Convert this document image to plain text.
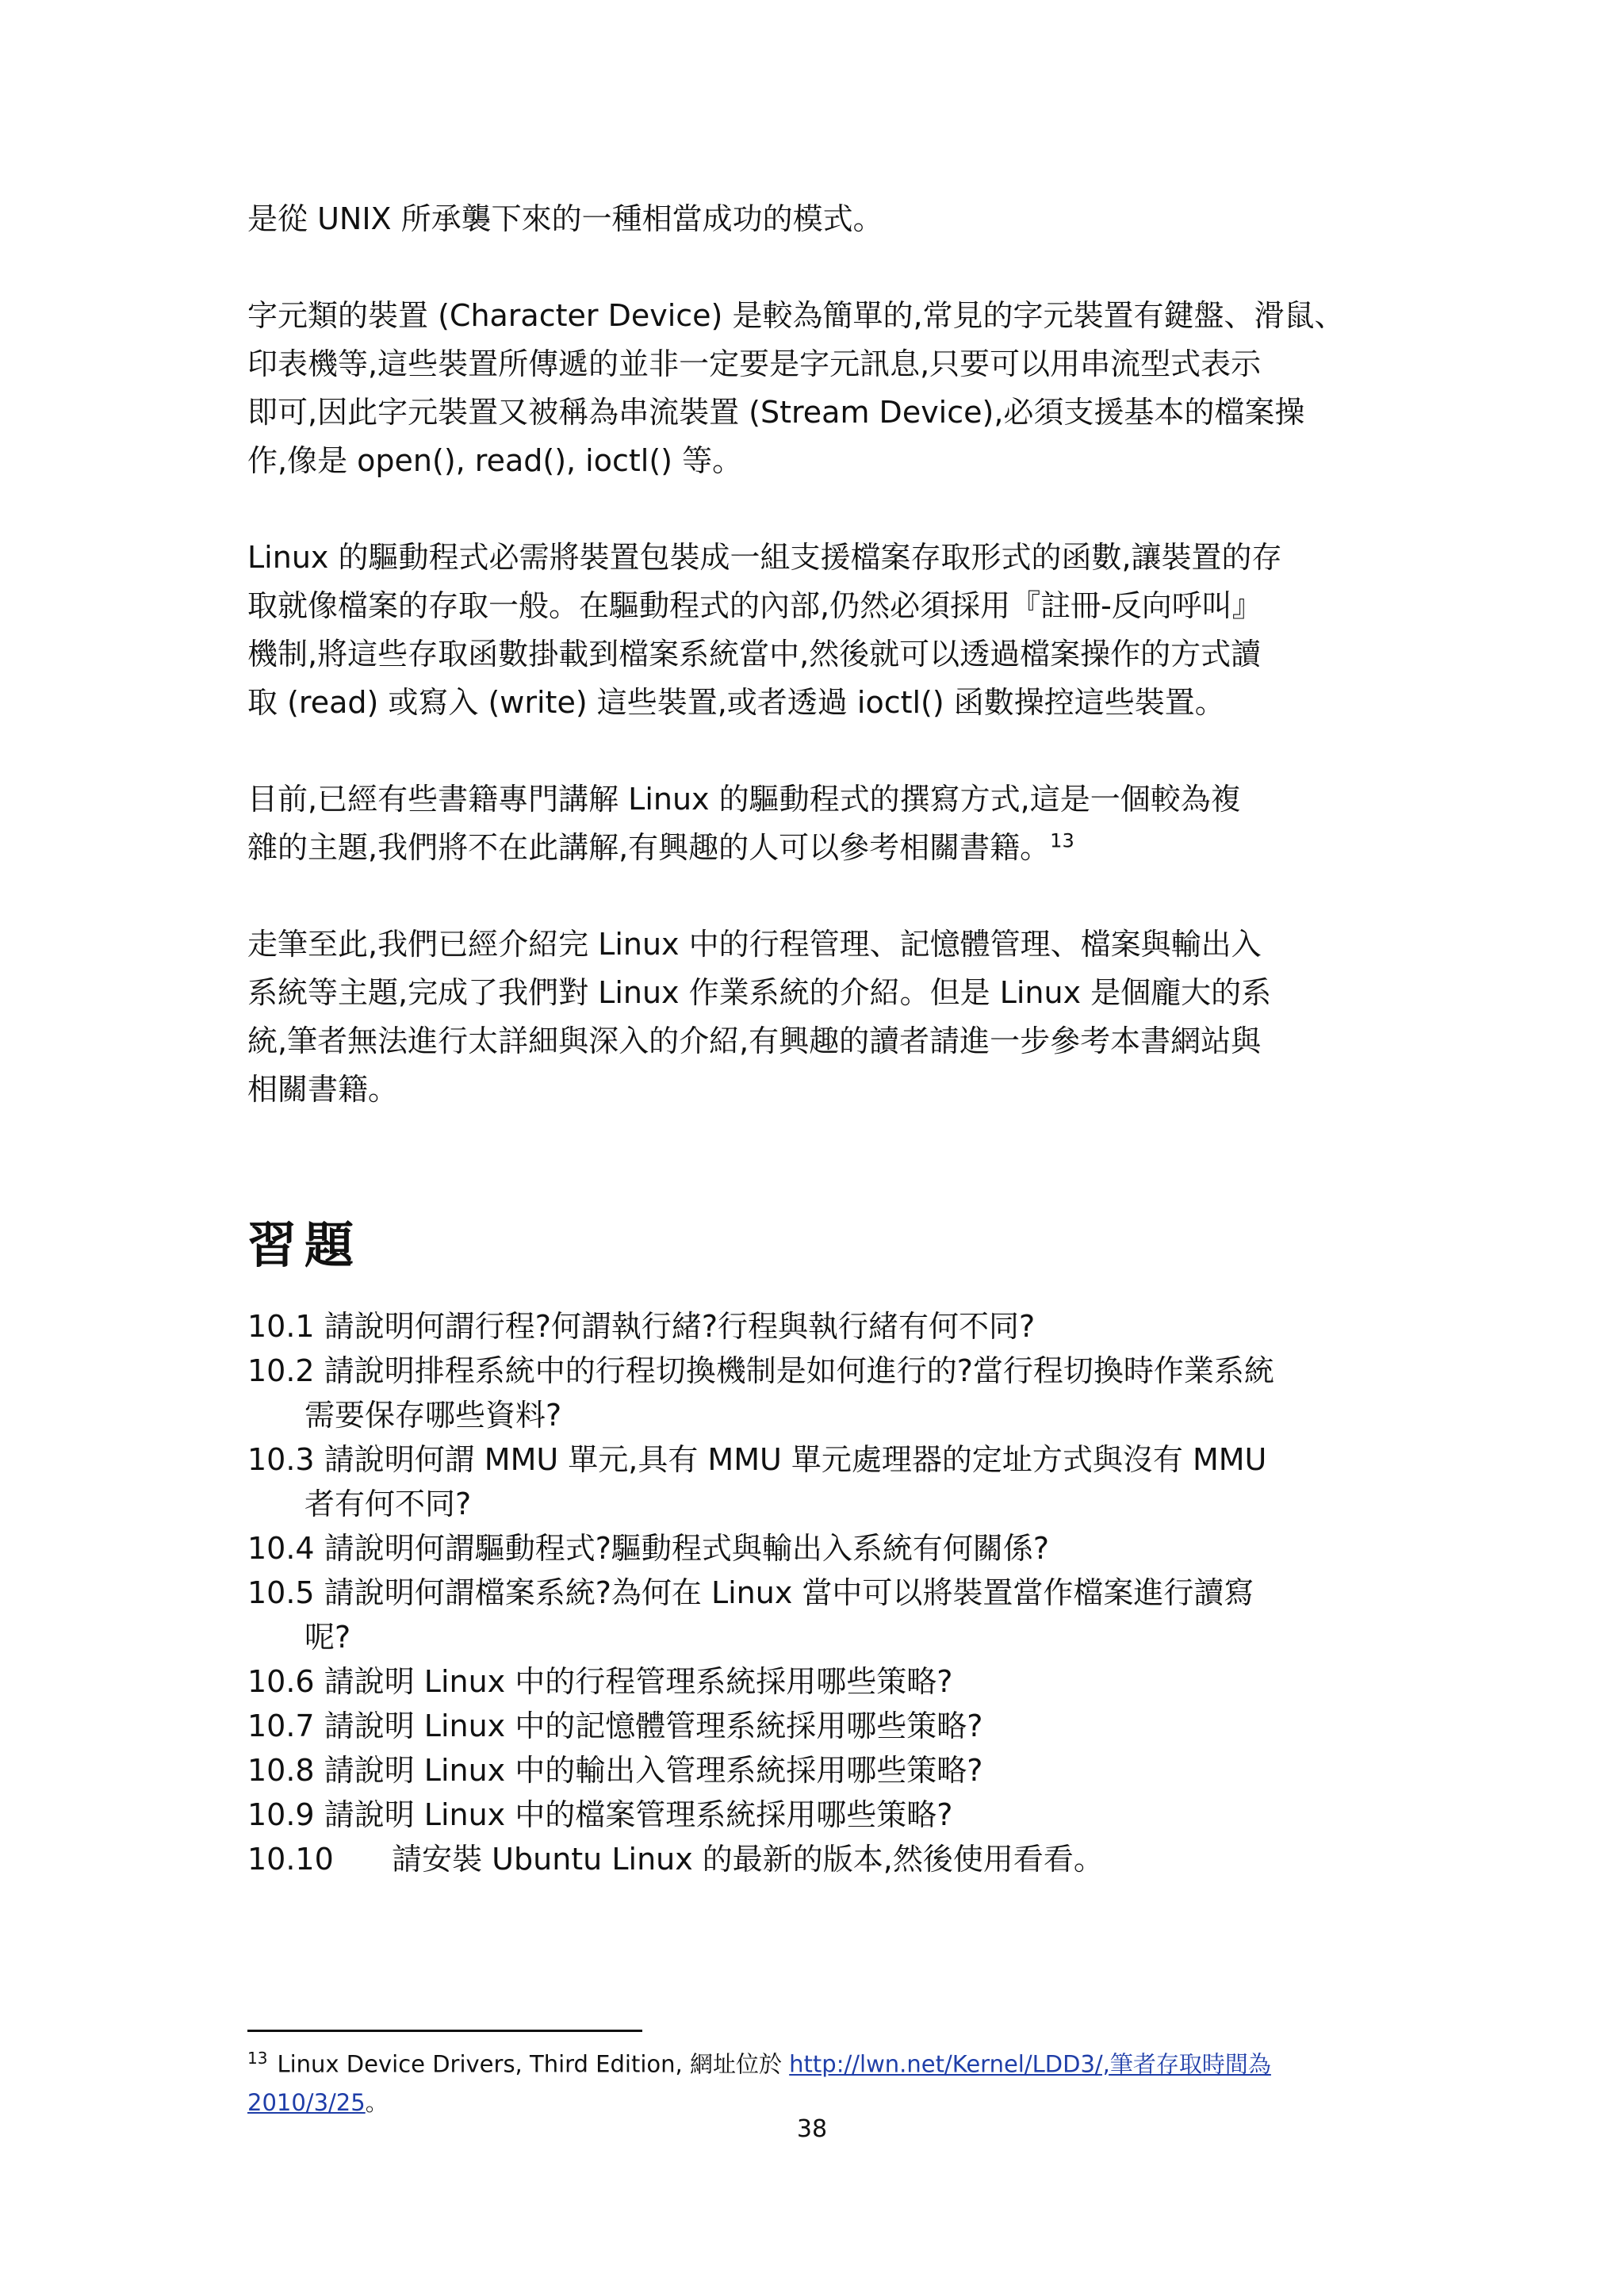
是從 UNIX 所承襲下來的一種相當成功的模式。

字元類的裝置 (Character Device) 是較為簡單的,常見的字元裝置有鍵盤、滑鼠、
印表機等,這些裝置所傳遞的並非一定要是字元訊息,只要可以用串流型式表示
即可,因此字元裝置又被稱為串流裝置 (Stream Device),必須支援基本的檔案操
作,像是 open(), read(), ioctl() 等。

Linux 的驅動程式必需將裝置包裝成一組支援檔案存取形式的函數,讓裝置的存
取就像檔案的存取一般。在驅動程式的內部,仍然必須採用『註冊-反向呼叫』
機制,將這些存取函數掛載到檔案系統當中,然後就可以透過檔案操作的方式讀
取 (read) 或寫入 (write) 這些裝置,或者透過 ioctl() 函數操控這些裝置。

目前,已經有些書籍專門講解 Linux 的驅動程式的撰寫方式,這是一個較為複
雜的主題,我們將不在此講解,有興趣的人可以參考相關書籍。$^{13}$

走筆至此,我們已經介紹完 Linux 中的行程管理、記憶體管理、檔案與輸出入
系統等主題,完成了我們對 Linux 作業系統的介紹。但是 Linux 是個龐大的系
統,筆者無法進行太詳細與深入的介紹,有興趣的讀者請進一步參考本書網站與
相關書籍。

習題
10.1 請說明何謂行程?何謂執行緒?行程與執行緒有何不同?
10.2 請說明排程系統中的行程切換機制是如何進行的?當行程切換時作業系統
需要保存哪些資料?
10.3 請說明何謂 MMU 單元,具有 MMU 單元處理器的定址方式與沒有 MMU
者有何不同?
10.4 請說明何謂驅動程式?驅動程式與輸出入系統有何關係?
10.5 請說明何謂檔案系統?為何在 Linux 當中可以將裝置當作檔案進行讀寫
呢?
10.6 請說明 Linux 中的行程管理系統採用哪些策略?
10.7 請說明 Linux 中的記憶體管理系統採用哪些策略?
10.8 請說明 Linux 中的輸出入管理系統採用哪些策略?
10.9 請說明 Linux 中的檔案管理系統採用哪些策略?
10.10 請安裝 Ubuntu Linux 的最新的版本,然後使用看看。
$^{13}$ Linux Device Drivers, Third Edition, 網址位於 http://lwn.net/Kernel/LDD3/,筆者存取時間為
2010/3/25。
38
